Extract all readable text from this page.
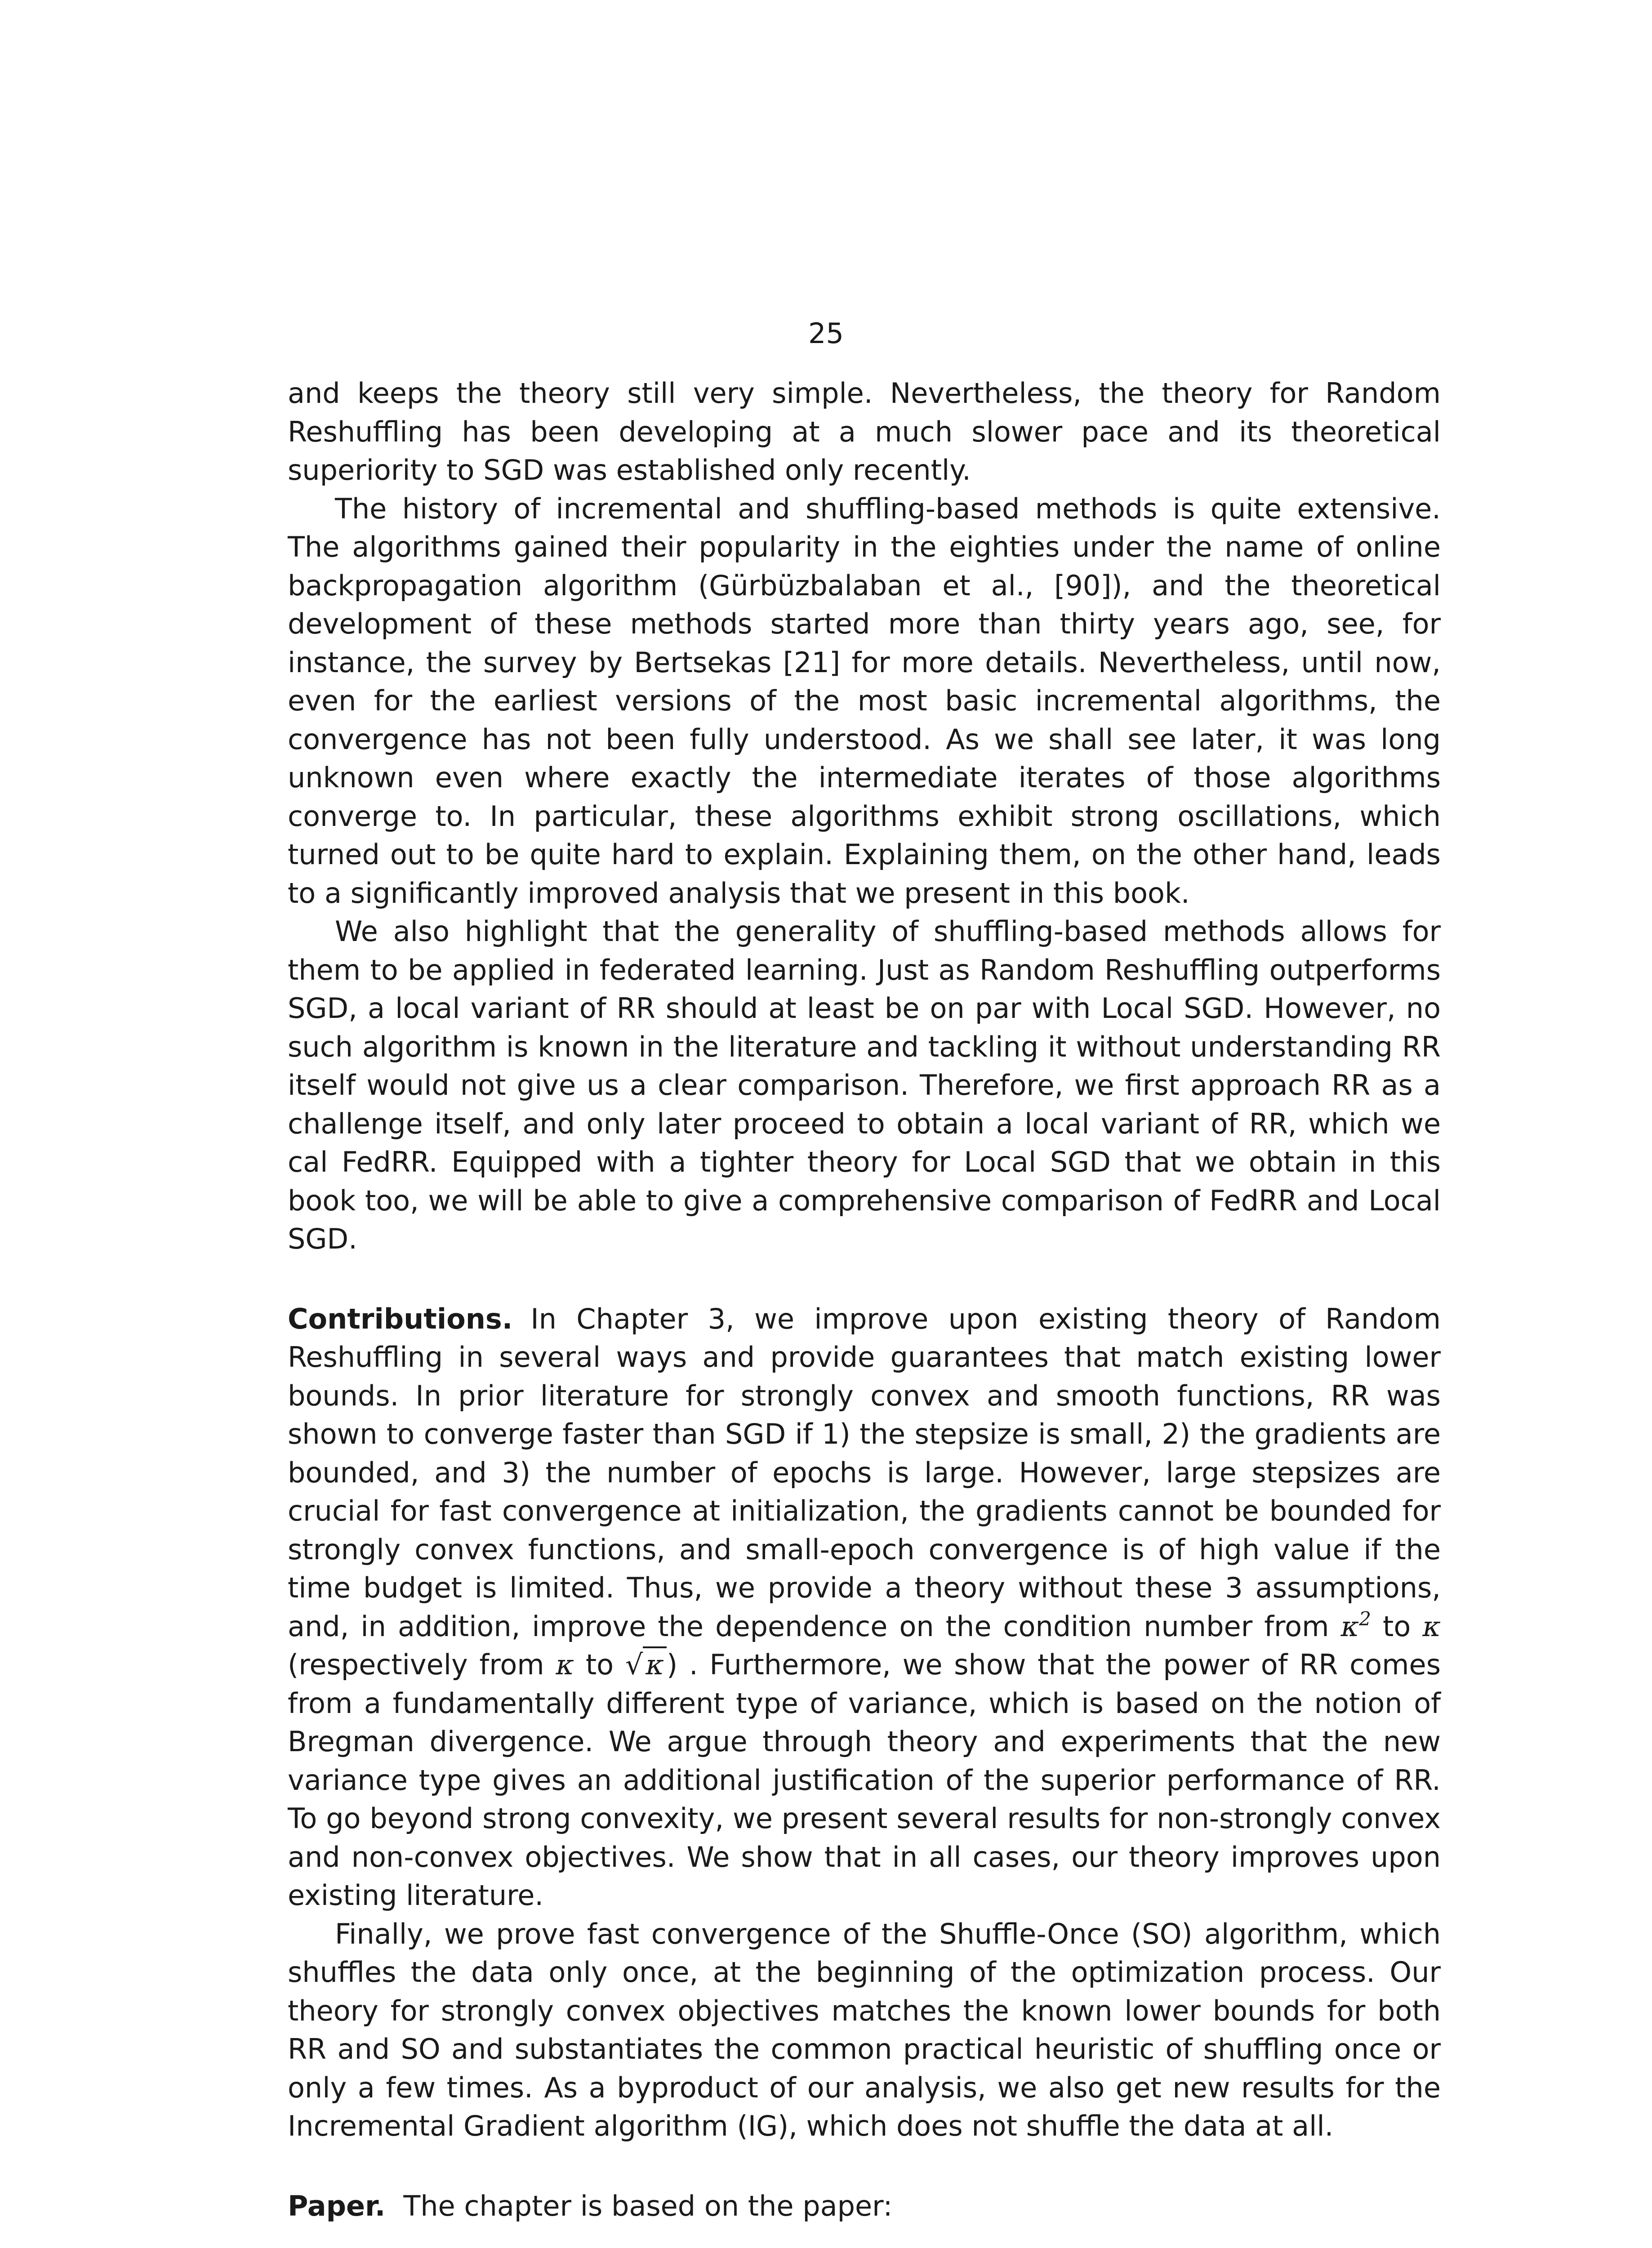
25

and keeps the theory still very simple. Nevertheless, the theory for Random Reshuffling has been developing at a much slower pace and its theoretical superiority to SGD was established only recently.

The history of incremental and shuffling-based methods is quite extensive. The algorithms gained their popularity in the eighties under the name of online backpropagation algorithm (Gürbüzbalaban et al., [90]), and the theoretical development of these methods started more than thirty years ago, see, for instance, the survey by Bertsekas [21] for more details. Nevertheless, until now, even for the earliest versions of the most basic incremental algorithms, the convergence has not been fully understood. As we shall see later, it was long unknown even where exactly the intermediate iterates of those algorithms converge to. In particular, these algorithms exhibit strong oscillations, which turned out to be quite hard to explain. Explaining them, on the other hand, leads to a significantly improved analysis that we present in this book.

We also highlight that the generality of shuffling-based methods allows for them to be applied in federated learning. Just as Random Reshuffling outperforms SGD, a local variant of RR should at least be on par with Local SGD. However, no such algorithm is known in the literature and tackling it without understanding RR itself would not give us a clear comparison. Therefore, we first approach RR as a challenge itself, and only later proceed to obtain a local variant of RR, which we cal FedRR. Equipped with a tighter theory for Local SGD that we obtain in this book too, we will be able to give a comprehensive comparison of FedRR and Local SGD.

Contributions. In Chapter 3, we improve upon existing theory of Random Reshuffling in several ways and provide guarantees that match existing lower bounds. In prior literature for strongly convex and smooth functions, RR was shown to converge faster than SGD if 1) the stepsize is small, 2) the gradients are bounded, and 3) the number of epochs is large. However, large stepsizes are crucial for fast convergence at initialization, the gradients cannot be bounded for strongly convex functions, and small-epoch convergence is of high value if the time budget is limited. Thus, we provide a theory without these 3 assumptions, and, in addition, improve the dependence on the condition number from $\kappa^2$ to κ (respectively from κ to √κ) . Furthermore, we show that the power of RR comes from a fundamentally different type of variance, which is based on the notion of Bregman divergence. We argue through theory and experiments that the new variance type gives an additional justification of the superior performance of RR. To go beyond strong convexity, we present several results for non-strongly convex and non-convex objectives. We show that in all cases, our theory improves upon existing literature.

Finally, we prove fast convergence of the Shuffle-Once (SO) algorithm, which shuffles the data only once, at the beginning of the optimization process. Our theory for strongly convex objectives matches the known lower bounds for both RR and SO and substantiates the common practical heuristic of shuffling once or only a few times. As a byproduct of our analysis, we also get new results for the Incremental Gradient algorithm (IG), which does not shuffle the data at all.

Paper. The chapter is based on the paper:
